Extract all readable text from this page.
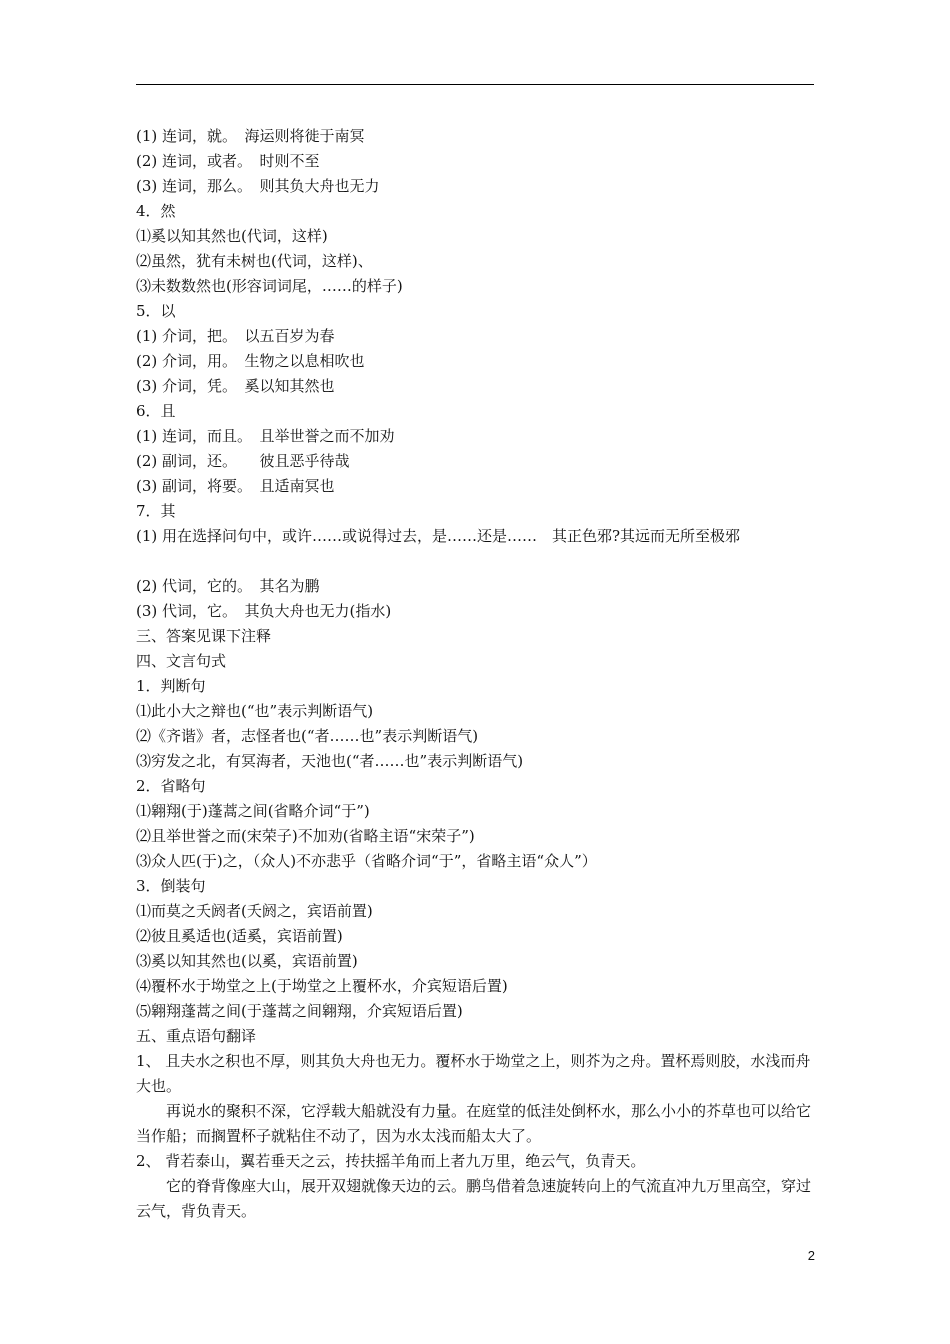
(1) 连词，就。　海运则将徙于南冥
(2) 连词，或者。　时则不至
(3) 连词，那么。　则其负大舟也无力
4．然
⑴奚以知其然也(代词，这样)
⑵虽然，犹有未树也(代词，这样)、
⑶未数数然也(形容词词尾，……的样子)
5．以
(1) 介词，把。　以五百岁为春
(2) 介词，用。　生物之以息相吹也
(3) 介词，凭。　奚以知其然也
6．且
(1) 连词，而且。　且举世誉之而不加劝
(2) 副词，还。　　彼且恶乎待哉
(3) 副词，将要。　且适南冥也
7．其
(1) 用在选择问句中，或许……或说得过去，是……还是……　其正色邪?其远而无所至极邪
(2) 代词，它的。　其名为鹏
(3) 代词，它。　其负大舟也无力(指水)
三、答案见课下注释
四、文言句式
1．判断句
⑴此小大之辩也(“也”表示判断语气)
⑵《齐谐》者，志怪者也(“者……也”表示判断语气)
⑶穷发之北，有冥海者，天池也(“者……也”表示判断语气)
2．省略句
⑴翱翔(于)蓬蒿之间(省略介词“于”)
⑵且举世誉之而(宋荣子)不加劝(省略主语“宋荣子”)
⑶众人匹(于)之，（众人)不亦悲乎（省略介词“于”，省略主语“众人”）
3．倒装句
⑴而莫之夭阏者(夭阏之，宾语前置)
⑵彼且奚适也(适奚，宾语前置)
⑶奚以知其然也(以奚，宾语前置)
⑷覆杯水于坳堂之上(于坳堂之上覆杯水，介宾短语后置)
⑸翱翔蓬蒿之间(于蓬蒿之间翱翔，介宾短语后置)
五、重点语句翻译
1、 且夫水之积也不厚，则其负大舟也无力。覆杯水于坳堂之上，则芥为之舟。置杯焉则胶，水浅而舟大也。
再说水的聚积不深，它浮载大船就没有力量。在庭堂的低洼处倒杯水，那么小小的芥草也可以给它当作船；而搁置杯子就粘住不动了，因为水太浅而船太大了。
2、 背若泰山，翼若垂天之云，抟扶摇羊角而上者九万里，绝云气，负青天。
它的脊背像座大山，展开双翅就像天边的云。鹏鸟借着急速旋转向上的气流直冲九万里高空，穿过云气，背负青天。
2
